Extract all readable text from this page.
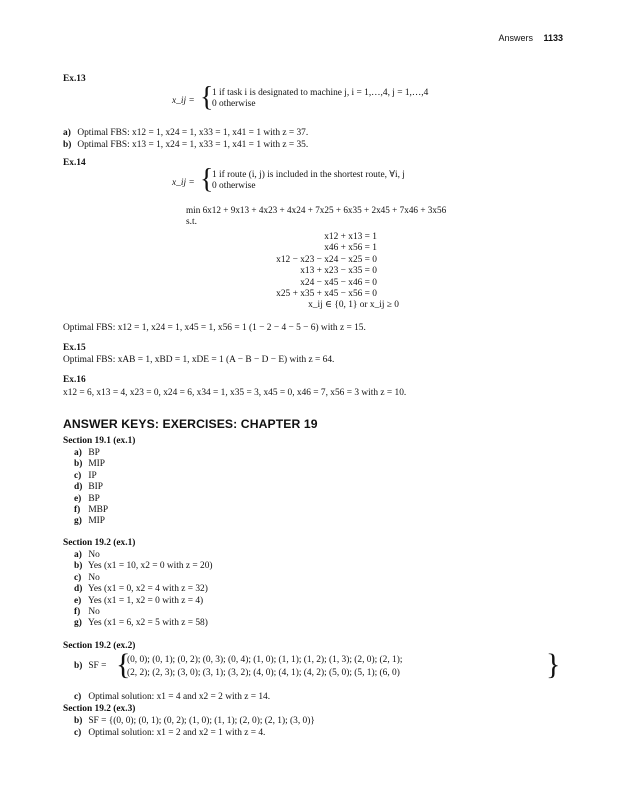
Answers 1133
Ex.13
x_ij = {
1 if task i is designated to machine j, i = 1,…,4, j = 1,…,4
0 otherwise
a) Optimal FBS: x12 = 1, x24 = 1, x33 = 1, x41 = 1 with z = 37.
b) Optimal FBS: x13 = 1, x24 = 1, x33 = 1, x41 = 1 with z = 35.
Ex.14
x_ij = {
1 if route (i, j) is included in the shortest route, ∀i, j
0 otherwise
min 6x12 + 9x13 + 4x23 + 4x24 + 7x25 + 6x35 + 2x45 + 7x46 + 3x56
s.t.
x12 + x13 = 1
x46 + x56 = 1
x12 − x23 − x24 − x25 = 0
x13 + x23 − x35 = 0
x24 − x45 − x46 = 0
x25 + x35 + x45 − x56 = 0
x_ij ∈ {0, 1} or x_ij ≥ 0
Optimal FBS: x12 = 1, x24 = 1, x45 = 1, x56 = 1 (1 − 2 − 4 − 5 − 6) with z = 15.
Ex.15
Optimal FBS: xAB = 1, xBD = 1, xDE = 1 (A − B − D − E) with z = 64.
Ex.16
x12 = 6, x13 = 4, x23 = 0, x24 = 6, x34 = 1, x35 = 3, x45 = 0, x46 = 7, x56 = 3 with z = 10.
ANSWER KEYS: EXERCISES: CHAPTER 19
Section 19.1 (ex.1)
a) BP
b) MIP
c) IP
d) BIP
e) BP
f) MBP
g) MIP
Section 19.2 (ex.1)
a) No
b) Yes (x1 = 10, x2 = 0 with z = 20)
c) No
d) Yes (x1 = 0, x2 = 4 with z = 32)
e) Yes (x1 = 1, x2 = 0 with z = 4)
f) No
g) Yes (x1 = 6, x2 = 5 with z = 58)
Section 19.2 (ex.2)
b) SF = {
(0, 0); (0, 1); (0, 2); (0, 3); (0, 4); (1, 0); (1, 1); (1, 2); (1, 3); (2, 0); (2, 1);
(2, 2); (2, 3); (3, 0); (3, 1); (3, 2); (4, 0); (4, 1); (4, 2); (5, 0); (5, 1); (6, 0)	}
c) Optimal solution: x1 = 4 and x2 = 2 with z = 14.
Section 19.2 (ex.3)
b) SF = {(0, 0); (0, 1); (0, 2); (1, 0); (1, 1); (2, 0); (2, 1); (3, 0)}
c) Optimal solution: x1 = 2 and x2 = 1 with z = 4.
